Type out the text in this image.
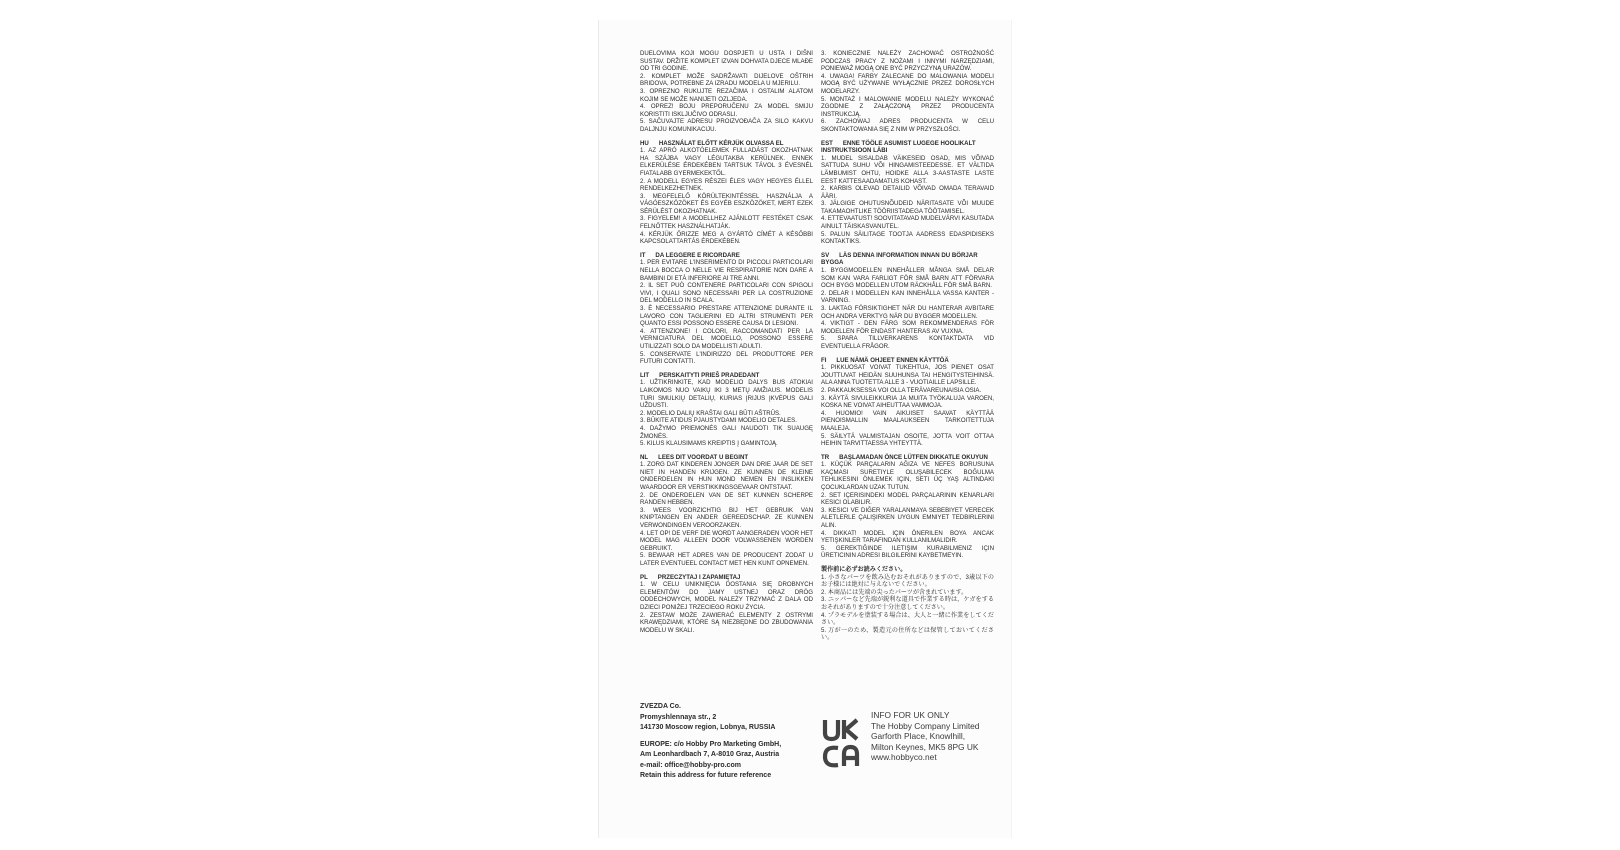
DUELOVIMA KOJI MOGU DOSPJETI U USTA I DIŠNI SUSTAV. DRŽITE KOMPLET IZVAN DOHVATA DJECE MLAĐE OD TRI GODINE.

2. KOMPLET MOŽE SADRŽAVATI DIJELOVE OŠTRIH BRIDOVA, POTREBNE ZA IZRADU MODELA U MJERILU.

3. OPREZNO RUKUJTE REZAČIMA I OSTALIM ALATOM KOJIM SE MOŽE NANIJETI OZLJEDA.

4. OPREZ! BOJU PREPORUČENU ZA MODEL SMIJU KORISTITI ISKLJUČIVO ODRASLI.

5. SAČUVAJTE ADRESU PROIZVOĐAČA ZA SILO KAKVU DALJNJU KOMUNIKACIJU.

HU HASZNÁLAT ELŐTT KÉRJÜK OLVASSA EL

1. AZ APRÓ ALKOTÓELEMEK FULLADÁST OKOZHATNAK HA SZÁJBA VAGY LÉGUTAKBA KERÜLNEK. ENNEK ELKERÜLÉSE ÉRDEKÉBEN TARTSUK TÁVOL 3 ÉVESNÉL FIATALABB GYERMEKEKTŐL.

2. A MODELL EGYES RÉSZEI ÉLES VAGY HEGYES ÉLLEL RENDELKEZHETNEK.

3. MEGFELELŐ KÖRÜLTEKINTÉSSEL HASZNÁLJA A VÁGÓESZKÖZÖKET ÉS EGYÉB ESZKÖZÖKET, MERT EZEK SÉRÜLÉST OKOZHATNAK.

3. FIGYELEM! A MODELLHEZ AJÁNLOTT FESTÉKET CSAK FELNŐTTEK HASZNÁLHATJÁK.

4. KÉRJÜK ŐRIZZE MEG A GYÁRTÓ CÍMÉT A KÉSŐBBI KAPCSOLATTARTÁS ÉRDEKÉBEN.

IT DA LEGGERE E RICORDARE

1. PER EVITARE L'INSERIMENTO DI PICCOLI PARTICOLARI NELLA BOCCA O NELLE VIE RESPIRATORIE NON DARE A BAMBINI DI ETÀ INFERIORE AI TRE ANNI.

2. IL SET PUÒ CONTENERE PARTICOLARI CON SPIGOLI VIVI, I QUALI SONO NECESSARI PER LA COSTRUZIONE DEL MODELLO IN SCALA.

3. È NECESSARIO PRESTARE ATTENZIONE DURANTE IL LAVORO CON TAGLIERINI ED ALTRI STRUMENTI PER QUANTO ESSI POSSONO ESSERE CAUSA DI LESIONI.

4. ATTENZIONE! I COLORI, RACCOMANDATI PER LA VERNICIATURA DEL MODELLO, POSSONO ESSERE UTILIZZATI SOLO DA MODELLISTI ADULTI.

5. CONSERVATE L'INDIRIZZO DEL PRODUTTORE PER FUTURI CONTATTI.

LIT PERSKAITYTI PRIEŠ PRADEDANT

1. UŽTIKRINKITE, KAD MODELIO DALYS BUS ATOKIAI LAIKOMOS NUO VAIKŲ IKI 3 METŲ AMŽIAUS. MODELIS TURI SMULKIŲ DETALIŲ, KURIAS ĮRIJUS ĮKVĖPUS GALI UŽDUSTI.

2. MODELIO DALIŲ KRAŠTAI GALI BŪTI AŠTRŪS.

3. BŪKITE ATIDUS PJAUSTYDAMI MODELIO DETALES.

4. DAŽYMO PRIEMONĖS GALI NAUDOTI TIK SUAUGĘ ŽMONĖS.

5. KILUS KLAUSIMAMS KREIPTIS Į GAMINTOJĄ.

NL LEES DIT VOORDAT U BEGINT

1. ZORG DAT KINDEREN JONGER DAN DRIE JAAR DE SET NIET IN HANDEN KRIJGEN. ZE KUNNEN DE KLEINE ONDERDELEN IN HUN MOND NEMEN EN INSLIKKEN WAARDOOR ER VERSTIKKINGSGEVAAR ONTSTAAT.

2. DE ONDERDELEN VAN DE SET KUNNEN SCHERPE RANDEN HEBBEN.

3. WEES VOORZICHTIG BIJ HET GEBRUIK VAN KNIPTANGEN EN ANDER GEREEDSCHAP. ZE KUNNEN VERWONDINGEN VEROORZAKEN.

4. LET OP! DE VERF DIE WORDT AANGERADEN VOOR HET MODEL MAG ALLEEN DOOR VOLWASSENEN WORDEN GEBRUIKT.

5. BEWAAR HET ADRES VAN DE PRODUCENT ZODAT U LATER EVENTUEEL CONTACT MET HEN KUNT OPNEMEN.

PL PRZECZYTAJ I ZAPAMIĘTAJ

1. W CELU UNIKNIĘCIA DOSTANIA SIĘ DROBNYCH ELEMENTÓW DO JAMY USTNEJ ORAZ DRÓG ODDECHOWYCH, MODEL NALEŻY TRZYMAĆ Z DALA OD DZIECI PONIŻEJ TRZECIEGO ROKU ŻYCIA.

2. ZESTAW MOŻE ZAWIERAĆ ELEMENTY Z OSTRYMI KRAWĘDZIAMI, KTÓRE SĄ NIEZBĘDNE DO ZBUDOWANIA MODELU W SKALI.

3. KONIECZNIE NALEŻY ZACHOWAĆ OSTROŻNOŚĆ PODCZAS PRACY Z NOŻAMI I INNYMI NARZĘDZIAMI, PONIEWAŻ MOGĄ ONE BYĆ PRZYCZYNĄ URAZÓW.

4. UWAGA! FARBY ZALECANE DO MALOWANIA MODELI MOGĄ BYĆ UŻYWANE WYŁĄCZNIE PRZEZ DOROSŁYCH MODELARZY.

5. MONTAŻ I MALOWANIE MODELU NALEŻY WYKONAĆ ZGODNIE Z ZAŁĄCZONĄ PRZEZ PRODUCENTA INSTRUKCJĄ.

6. ZACHOWAJ ADRES PRODUCENTA W CELU SKONTAKTOWANIA SIĘ Z NIM W PRZYSZŁOŚCI.

EST ENNE TÖÖLE ASUMIST LUGEGE HOOLIKALT INSTRUKTSIOON LÄBI

1. MUDEL SISALDAB VÄIKESEID OSAD, MIS VÕIVAD SATTUDA SUHU VÕI HINGAMISTEEDESSE. ET VÄLTIDA LÄMBUMIST OHTU, HOIDKE ALLA 3-AASTASTE LASTE EEST KATTESAADAMATUS KOHAST.

2. KARBIS OLEVAD DETAILID VÕIVAD OMADA TERAVAID ÄÄRI.

3. JÄLGIGE OHUTUSNÕUDEID NÄRITASATE VÕI MUUDE TAKAMAOHTLIKE TÖÖRIISTADEGA TÖÖTAMISEL.

4. ETTEVAATUST! SOOVITATAVAD MUDELVÄRVI KASUTADA AINULT TÄISKASVANUTEL.

5. PALUN SÄILITAGE TOOTJA AADRESS EDASPIDISEKS KONTAKTIKS.

SV LÄS DENNA INFORMATION INNAN DU BÖRJAR BYGGA

1. BYGGMODELLEN INNEHÅLLER MÅNGA SMÅ DELAR SOM KAN VARA FARLIGT FÖR SMÅ BARN ATT FÖRVARA OCH BYGG MODELLEN UTOM RÄCKHÅLL FÖR SMÅ BARN.

2. DELAR I MODELLEN KAN INNEHÅLLA VASSA KANTER - VARNING.

3. LAKTAG FÖRSIKTIGHET NÄR DU HANTERAR AVBITARE OCH ANDRA VERKTYG NÄR DU BYGGER MODELLEN.

4. VIKTIGT - DEN FÄRG SOM REKOMMENDERAS FÖR MODELLEN FÖR ENDAST HANTERAS AV VUXNA.

5. SPARA TILLVERKARENS KONTAKTDATA VID EVENTUELLA FRÅGOR.

FI LUE NÄMÄ OHJEET ENNEN KÄYTTÖÄ

1. PIKKUOSAT VOIVAT TUKEHTUA, JOS PIENET OSAT JOUTTUVAT HEIDÄN SUUHUNSA TAI HENGITYSTEIHINSÄ. ALA ANNA TUOTETTA ALLE 3 - VUOTIAILLE LAPSILLE.

2. PAKKAUKSESSA VOI OLLA TERÄVAREUNAISIA OSIA.

3. KÄYTÄ SIVULEIKKURIA JA MUITA TYÖKALUJA VAROEN, KOSKA NE VOIVAT AIHEUTTAA VAMMOJA.

4. HUOMIO! VAIN AIKUISET SAAVAT KÄYTTÄÄ PIENOISMALLIN MAALAUKSEEN TARKOITETTUJA MAALEJA.

5. SÄILYTÄ VALMISTAJAN OSOITE, JOTTA VOIT OTTAA HEIHIN TARVITTAESSA YHTEYTTÄ.

TR BAŞLAMADAN ÖNCE LÜTFEN DIKKATLE OKUYUN

1. KÜÇÜK PARÇALARIN AĞIZA VE NEFES BORUSUNA KAÇMASI SURETIYLE OLUŞABILECEK BOĞULMA TEHLIKESINI ÖNLEMEK IÇIN, SETI ÜÇ YAŞ ALTINDAKI ÇOCUKLARDAN UZAK TUTUN.

2. SET IÇERISINDEKI MODEL PARÇALARININ KENARLARI KESICI OLABILIR.

3. KESICI VE DIĞER YARALANMAYA SEBEBIYET VERECEK ALETLERLE ÇALIŞIRKEN UYGUN EMNIYET TEDBIRLERINI ALIN.

4. DIKKAT! MODEL IÇIN ÖNERILEN BOYA ANCAK YETIŞKINLER TARAFINDAN KULLANILMALIDIR.

5. GEREKTIĞINDE ILETIŞIM KURABILMENIZ IÇIN ÜRETICININ ADRESI BILGILERINI KAYBETMEYIN.

製作前に必ずお読みください。

1. 小さなパーツを飲み込むおそれがありますので、3歳以下のお子様には絶対に与えないでください。

2. 本商品には先端の尖ったパーツが含まれています。

3. ニッパーなど先端が鋭利な道具で作業する時は、ケガをするおそれがありますので十分注意してください。

4. プラモデルを塗装する場合は、大人と一緒に作業をしてください。

5. 万が一のため、製造元の住所などは保管しておいてください。

ZVEZDA Co.

Promyshlennaya str., 2

141730 Moscow region, Lobnya, RUSSIA

EUROPE: c/o Hobby Pro Marketing GmbH,

Am Leonhardbach 7, A-8010 Graz, Austria

e-mail: office@hobby-pro.com

Retain this address for future reference

INFO FOR UK ONLY

The Hobby Company Limited

Garforth Place, Knowlhill,

Milton Keynes, MK5 8PG UK

www.hobbyco.net
